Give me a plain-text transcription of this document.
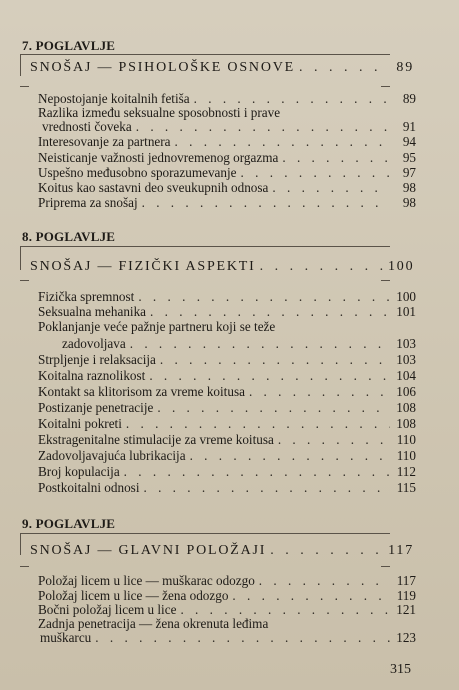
7. POGLAVLJE
SNOŠAJ — PSIHOLOŠKE OSNOVE . . .	89
Nepostojanje koitalnih fetiša . . .	89
Razlika između seksualne sposobnosti i prave
vrednosti čoveka . . .	91
Interesovanje za partnera . . .	94
Neisticanje važnosti jednovremenog orgazma . . .	95
Uspešno međusobno sporazumevanje . . .	97
Koitus kao sastavni deo sveukupnih odnosa . . .	98
Priprema za snošaj . . .	98
8. POGLAVLJE
SNOŠAJ — FIZIČKI ASPEKTI . . .	100
Fizička spremnost . . .	100
Seksualna mehanika . . .	101
Poklanjanje veće pažnje partneru koji se teže
zadovoljava . . .	103
Strpljenje i relaksacija . . .	103
Koitalna raznolikost . . .	104
Kontakt sa klitorisom za vreme koitusa . . .	106
Postizanje penetracije . . .	108
Koitalni pokreti . . .	108
Ekstragenitalne stimulacije za vreme koitusa . . .	110
Zadovoljavajuća lubrikacija . . .	110
Broj kopulacija . . .	112
Postkoitalni odnosi . . .	115
9. POGLAVLJE
SNOŠAJ — GLAVNI POLOŽAJI . . .	117
Položaj licem u lice — muškarac odozgo . . .	117
Položaj licem u lice — žena odozgo . . .	119
Bočni položaj licem u lice . . .	121
Zadnja penetracija — žena okrenuta leđima
muškarcu . . .	123
315
